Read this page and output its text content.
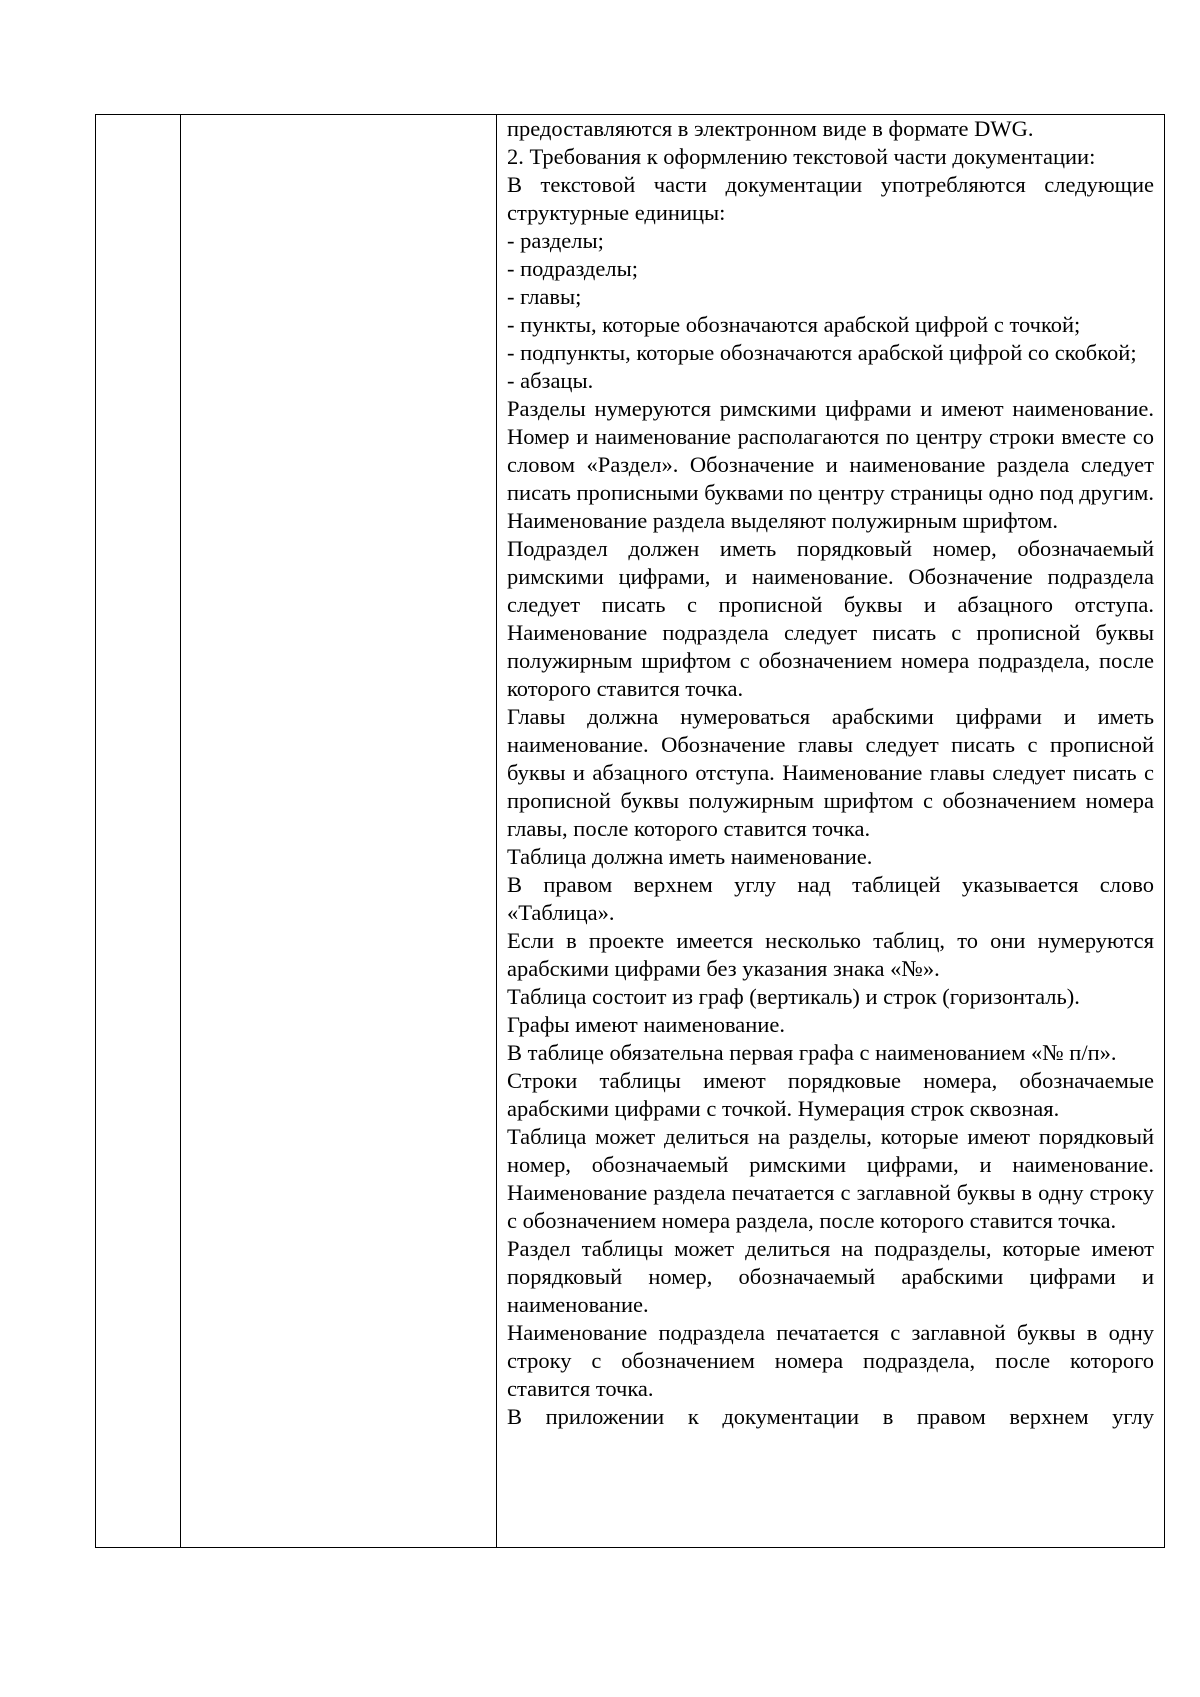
предоставляются в электронном виде в формате DWG.

2. Требования к оформлению текстовой части документации:

В текстовой части документации употребляются следующие структурные единицы:

- разделы;

- подразделы;

- главы;

- пункты, которые обозначаются арабской цифрой с точкой;

- подпункты, которые обозначаются арабской цифрой со скобкой;

- абзацы.

Разделы нумеруются римскими цифрами и имеют наименование. Номер и наименование располагаются по центру строки вместе со словом «Раздел». Обозначение и наименование раздела следует писать прописными буквами по центру страницы одно под другим. Наименование раздела выделяют полужирным шрифтом.

Подраздел должен иметь порядковый номер, обозначаемый римскими цифрами, и наименование. Обозначение подраздела следует писать с прописной буквы и абзацного отступа. Наименование подраздела следует писать с прописной буквы полужирным шрифтом с обозначением номера подраздела, после которого ставится точка.

Главы должна нумероваться арабскими цифрами и иметь наименование. Обозначение главы следует писать с прописной буквы и абзацного отступа. Наименование главы следует писать с прописной буквы полужирным шрифтом с обозначением номера главы, после которого ставится точка.

Таблица должна иметь наименование.

В правом верхнем углу над таблицей указывается слово «Таблица».

Если в проекте имеется несколько таблиц, то они нумеруются арабскими цифрами без указания знака «№».

Таблица состоит из граф (вертикаль) и строк (горизонталь).

Графы имеют наименование.

В таблице обязательна первая графа с наименованием «№ п/п».

Строки таблицы имеют порядковые номера, обозначаемые арабскими цифрами с точкой. Нумерация строк сквозная.

Таблица может делиться на разделы, которые имеют порядковый номер, обозначаемый римскими цифрами, и наименование. Наименование раздела печатается с заглавной буквы в одну строку с обозначением номера раздела, после которого ставится точка.

Раздел таблицы может делиться на подразделы, которые имеют порядковый номер, обозначаемый арабскими цифрами и наименование.

Наименование подраздела печатается с заглавной буквы в одну строку с обозначением номера подраздела, после которого ставится точка.

В приложении к документации в правом верхнем углу
